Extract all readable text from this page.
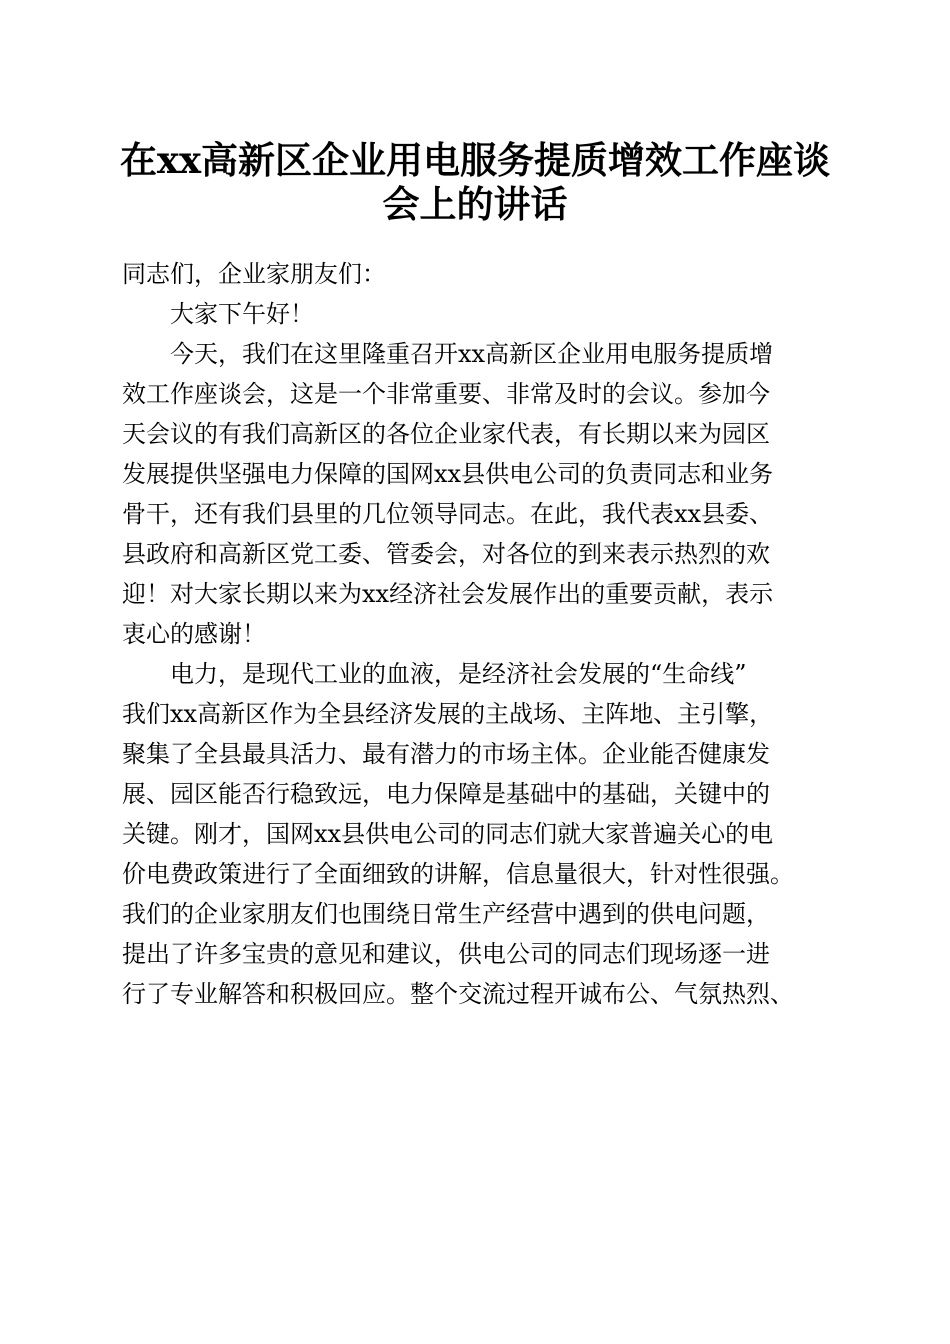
在xx高新区企业用电服务提质增效工作座谈
会上的讲话
同志们，企业家朋友们：
大家下午好！
今天，我们在这里隆重召开xx高新区企业用电服务提质增
效工作座谈会，这是一个非常重要、非常及时的会议。参加今
天会议的有我们高新区的各位企业家代表，有长期以来为园区
发展提供坚强电力保障的国网xx县供电公司的负责同志和业务
骨干，还有我们县里的几位领导同志。在此，我代表xx县委、
县政府和高新区党工委、管委会，对各位的到来表示热烈的欢
迎！对大家长期以来为xx经济社会发展作出的重要贡献，表示
衷心的感谢！
电力，是现代工业的血液，是经济社会发展的“生命线”
我们xx高新区作为全县经济发展的主战场、主阵地、主引擎，
聚集了全县最具活力、最有潜力的市场主体。企业能否健康发
展、园区能否行稳致远，电力保障是基础中的基础，关键中的
关键。刚才，国网xx县供电公司的同志们就大家普遍关心的电
价电费政策进行了全面细致的讲解，信息量很大，针对性很强。
我们的企业家朋友们也围绕日常生产经营中遇到的供电问题，
提出了许多宝贵的意见和建议，供电公司的同志们现场逐一进
行了专业解答和积极回应。整个交流过程开诚布公、气氛热烈、
